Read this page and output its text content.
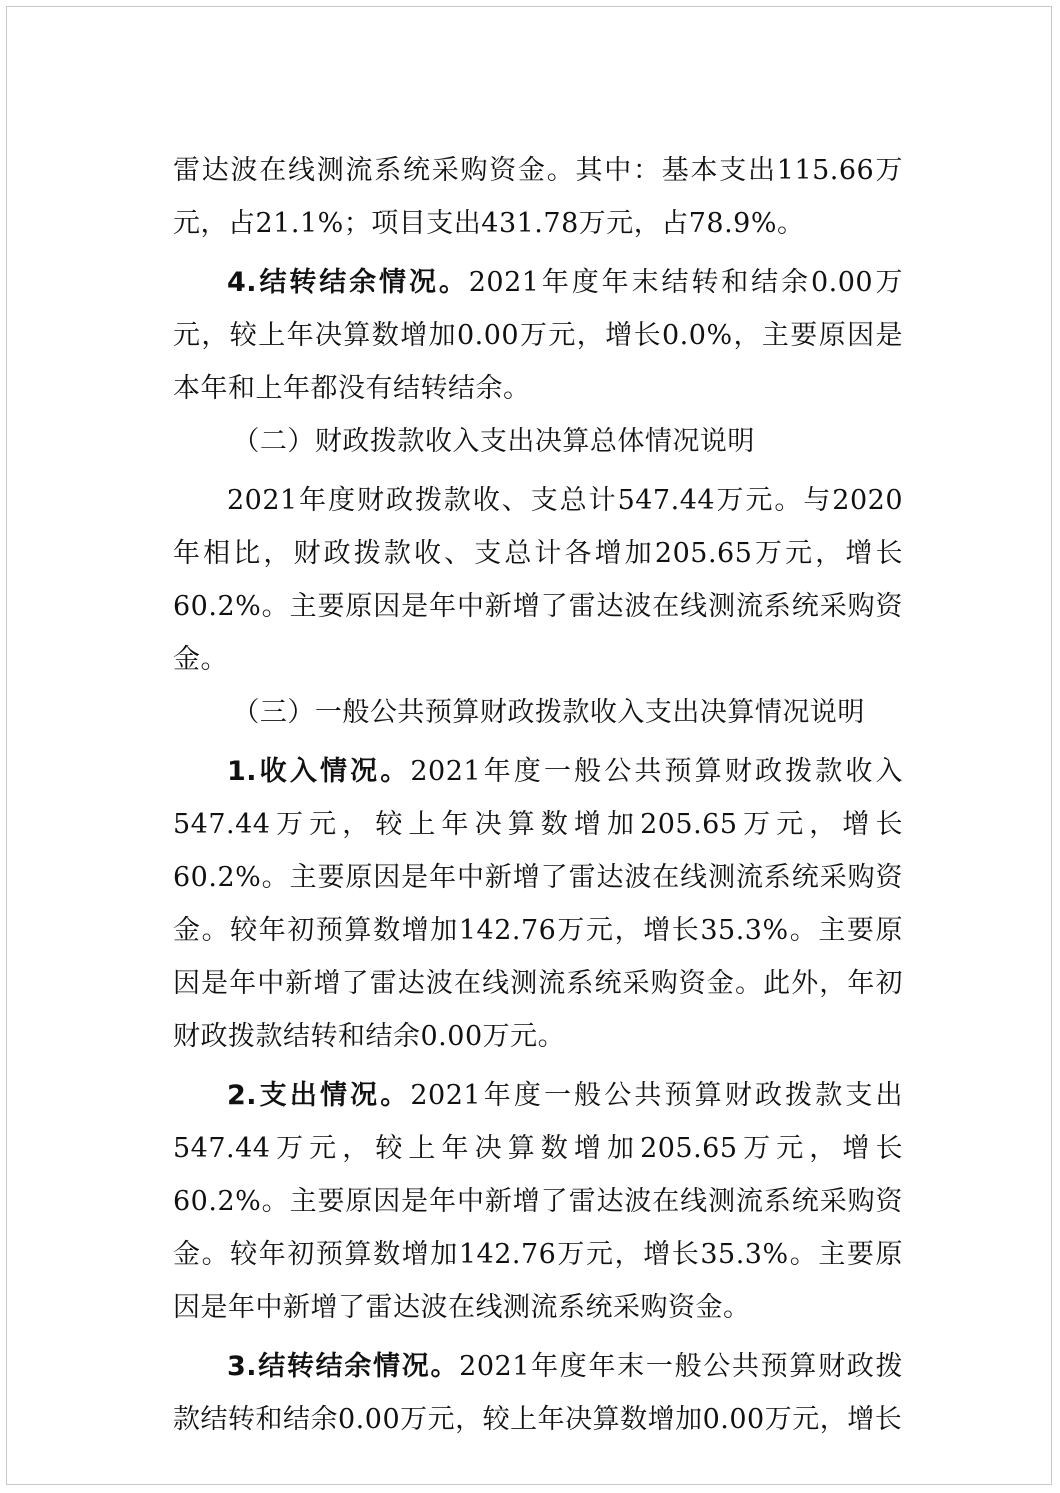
雷达波在线测流系统采购资金。其中：基本支出115.66万元，占21.1%；项目支出431.78万元，占78.9%。

4.结转结余情况。2021年度年末结转和结余0.00万元，较上年决算数增加0.00万元，增长0.0%，主要原因是本年和上年都没有结转结余。

（二）财政拨款收入支出决算总体情况说明

2021年度财政拨款收、支总计547.44万元。与2020年相比，财政拨款收、支总计各增加205.65万元，增长60.2%。主要原因是年中新增了雷达波在线测流系统采购资金。

（三）一般公共预算财政拨款收入支出决算情况说明

1.收入情况。2021年度一般公共预算财政拨款收入547.44万元，较上年决算数增加205.65万元，增长60.2%。主要原因是年中新增了雷达波在线测流系统采购资金。较年初预算数增加142.76万元，增长35.3%。主要原因是年中新增了雷达波在线测流系统采购资金。此外，年初财政拨款结转和结余0.00万元。

2.支出情况。2021年度一般公共预算财政拨款支出547.44万元，较上年决算数增加205.65万元，增长60.2%。主要原因是年中新增了雷达波在线测流系统采购资金。较年初预算数增加142.76万元，增长35.3%。主要原因是年中新增了雷达波在线测流系统采购资金。

3.结转结余情况。2021年度年末一般公共预算财政拨款结转和结余0.00万元，较上年决算数增加0.00万元，增长
